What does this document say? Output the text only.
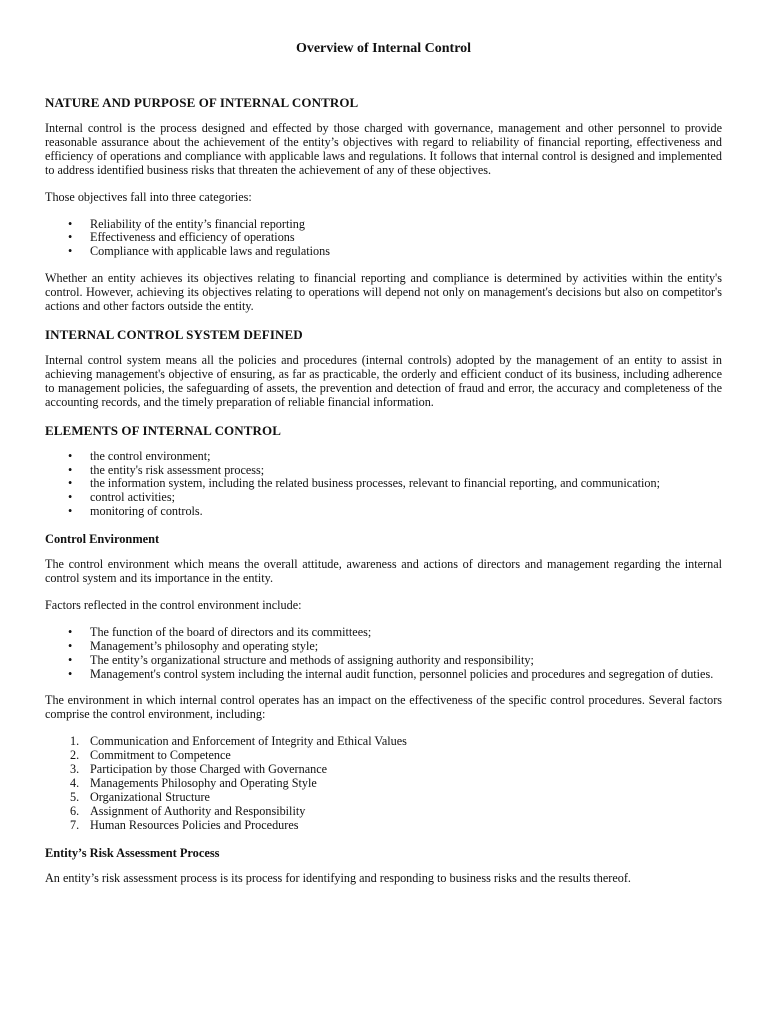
Overview of Internal Control
NATURE AND PURPOSE OF INTERNAL CONTROL

Internal control is the process designed and effected by those charged with governance, management and other personnel to provide reasonable assurance about the achievement of the entity’s objectives with regard to reliability of financial reporting, effectiveness and efficiency of operations and compliance with applicable laws and regulations. It follows that internal control is designed and implemented to address identified business risks that threaten the achievement of any of these objectives.

Those objectives fall into three categories:

• Reliability of the entity’s financial reporting
• Effectiveness and efficiency of operations
• Compliance with applicable laws and regulations

Whether an entity achieves its objectives relating to financial reporting and compliance is determined by activities within the entity's control. However, achieving its objectives relating to operations will depend not only on management's decisions but also on competitor's actions and other factors outside the entity.

INTERNAL CONTROL SYSTEM DEFINED

Internal control system means all the policies and procedures (internal controls) adopted by the management of an entity to assist in achieving management's objective of ensuring, as far as practicable, the orderly and efficient conduct of its business, including adherence to management policies, the safeguarding of assets, the prevention and detection of fraud and error, the accuracy and completeness of the accounting records, and the timely preparation of reliable financial information.

ELEMENTS OF INTERNAL CONTROL
• the control environment;
• the entity's risk assessment process;
• the information system, including the related business processes, relevant to financial reporting, and communication;
• control activities;
• monitoring of controls.
Control Environment

The control environment which means the overall attitude, awareness and actions of directors and management regarding the internal control system and its importance in the entity.

Factors reflected in the control environment include:

• The function of the board of directors and its committees;
• Management’s philosophy and operating style;
• The entity’s organizational structure and methods of assigning authority and responsibility;
• Management's control system including the internal audit function, personnel policies and procedures and segregation of duties.

The environment in which internal control operates has an impact on the effectiveness of the specific control procedures. Several factors comprise the control environment, including:

1. Communication and Enforcement of Integrity and Ethical Values
2. Commitment to Competence
3. Participation by those Charged with Governance
4. Managements Philosophy and Operating Style
5. Organizational Structure
6. Assignment of Authority and Responsibility
7. Human Resources Policies and Procedures
Entity’s Risk Assessment Process

An entity’s risk assessment process is its process for identifying and responding to business risks and the results thereof.
